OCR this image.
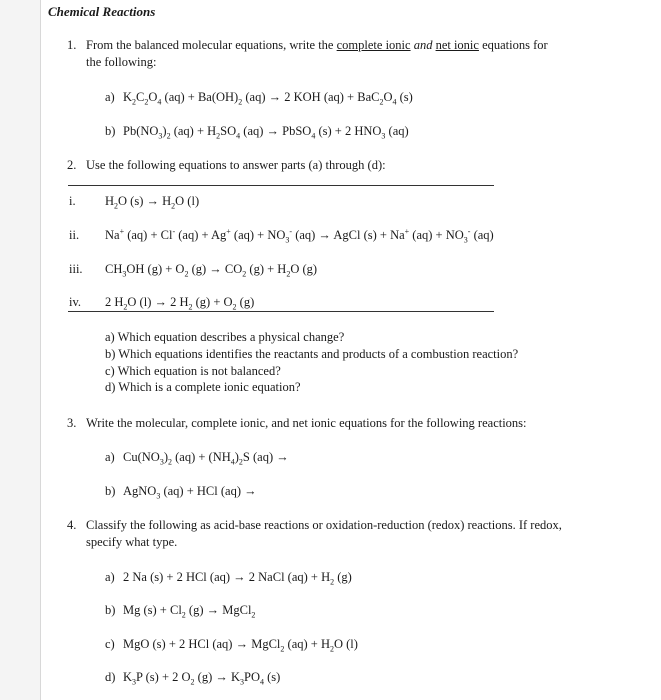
Chemical Reactions
1. From the balanced molecular equations, write the complete ionic and net ionic equations for
the following:
a) $K_2C_2O_4$ $(aq) + Ba(OH)_2$ (aq) → 2 KOH $(aq) + BaC_2O_4$ (s)
b) $Pb(NO_3)_2$ $(aq) + H_2SO_4$ (aq) → PbSO$_4$ (s) + 2 $HNO_3$ (aq)
2. Use the following equations to answer parts (a) through (d):
i. $H_2O$ $(s) \to H_2O$ (l)
ii. Na+ (aq) + Cl- (aq) + Ag+ $(aq) + NO_3^-$ (aq) → AgCl (s) + Na+ $(aq) + NO_3^-$ (aq)
iii. $CH_3OH$ $(g) + O_2$ $(g) \to CO_2$ $(g) + H_2O$ (g)
iv. 2 $H_2O$ (l) → 2 $H_2$ $(g) + O_2$ (g)
a) Which equation describes a physical change?
b) Which equations identifies the reactants and products of a combustion reaction?
c) Which equation is not balanced?
d) Which is a complete ionic equation?
3. Write the molecular, complete ionic, and net ionic equations for the following reactions:
a) $Cu(NO_3)_2$ $(aq) + (NH_4)_2S$ (aq) →
b) AgNO$_3$ (aq) + HCl (aq) →
4. Classify the following as acid-base reactions or oxidation-reduction (redox) reactions. If redox,
specify what type.
a) 2 Na (s) + 2 HCl (aq) → 2 NaCl $(aq) + H_2$ (g)
b) Mg $(s) + Cl_2$ (g) → MgCl$_2$
c) MgO (s) + 2 HCl (aq) → MgCl$_2$ $(aq) + H_2O$ (l)
d) $K_3P$ (s) + 2 $O_2$ $(g) \to K_3PO_4$ (s)
